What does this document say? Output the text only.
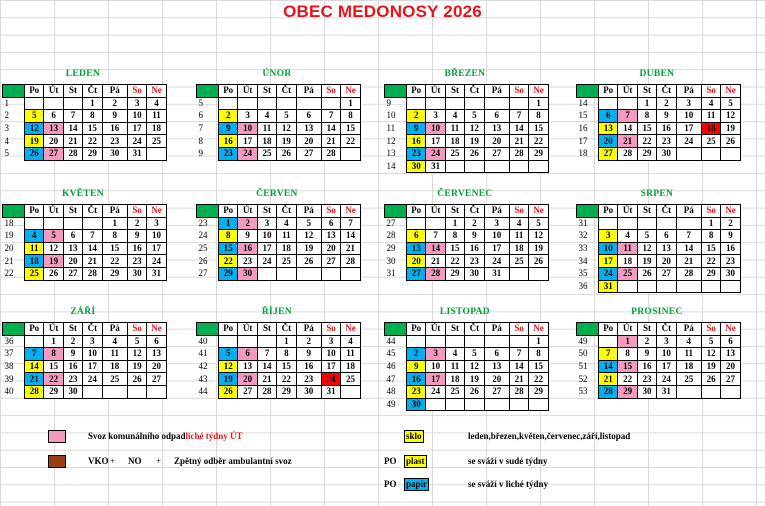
OBEC MEDONOSY 2026
LEDEN
	Po	Út	St	Čt	Pá	So	Ne
1				1	2	3	4
2	5	6	7	8	9	10	11
3	12	13	14	15	16	17	18
4	19	20	21	22	23	24	25
5	26	27	28	29	30	31	
ÚNOR
	Po	Út	St	Čt	Pá	So	Ne
5							1
6	2	3	4	5	6	7	8
7	9	10	11	12	13	14	15
8	16	17	18	19	20	21	22
9	23	24	25	26	27	28	
BŘEZEN
	Po	Út	St	Čt	Pá	So	Ne
9							1
10	2	3	4	5	6	7	8
11	9	10	11	12	13	14	15
12	16	17	18	19	20	21	22
13	23	24	25	26	27	28	29
14	30	31					
DUBEN
	Po	Út	St	Čt	Pá	So	Ne
14			1	2	3	4	5
15	6	7	8	9	10	11	12
16	13	14	15	16	17	18	19
17	20	21	22	23	24	25	26
18	27	28	29	30			
KVĚTEN
	Po	Út	St	Čt	Pá	So	Ne
18					1	2	3
19	4	5	6	7	8	9	10
20	11	12	13	14	15	16	17
21	18	19	20	21	22	23	24
22	25	26	27	28	29	30	31
ČERVEN
	Po	Út	St	Čt	Pá	So	Ne
23	1	2	3	4	5	6	7
24	8	9	10	11	12	13	14
25	15	16	17	18	19	20	21
26	22	23	24	25	26	27	28
27	29	30					
ČERVENEC
	Po	Út	St	Čt	Pá	So	Ne
27			1	2	3	4	5
28	6	7	8	9	10	11	12
29	13	14	15	16	17	18	19
30	20	21	22	23	24	25	26
31	27	28	29	30	31		
SRPEN
	Po	Út	St	Čt	Pá	So	Ne
31						1	2
32	3	4	5	6	7	8	9
33	10	11	12	13	14	15	16
34	17	18	19	20	21	22	23
35	24	25	26	27	28	29	30
36	31						
ZÁŘÍ
	Po	Út	St	Čt	Pá	So	Ne
36		1	2	3	4	5	6
37	7	8	9	10	11	12	13
38	14	15	16	17	18	19	20
39	21	22	23	24	25	26	27
40	28	29	30				
ŘÍJEN
	Po	Út	St	Čt	Pá	So	Ne
40				1	2	3	4
41	5	6	7	8	9	10	11
42	12	13	14	15	16	17	18
43	19	20	21	22	23	24	25
44	26	27	28	29	30	31	
LISTOPAD
	Po	Út	St	Čt	Pá	So	Ne
44							1
45	2	3	4	5	6	7	8
46	9	10	11	12	13	14	15
47	16	17	18	19	20	21	22
48	23	24	25	26	27	28	29
49	30						
PROSINEC
	Po	Út	St	Čt	Pá	So	Ne
49		1	2	3	4	5	6
50	7	8	9	10	11	12	13
51	14	15	16	17	18	19	20
52	21	22	23	24	25	26	27
53	28	29	30	31			
Svoz komunálního odpadliché týdny ÚT
VKO + NO + Zpětný odběr ambulantní svoz
sklo	leden,březen,květen,červenec,září,listopad
PO plast	se sváží v sudé týdny
PO papír	se sváží v liché týdny
